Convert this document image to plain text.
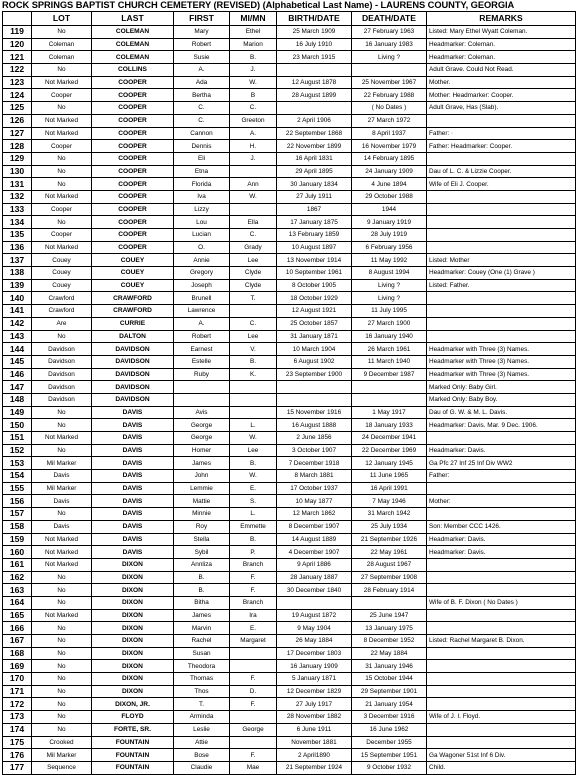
ROCK SPRINGS BAPTIST CHURCH CEMETERY (REVISED) (Alphabetical Last Name) - LAURENS COUNTY, GEORGIA
	LOT	LAST	FIRST	MI/MN	BIRTH/DATE	DEATH/DATE	REMARKS
119	No	COLEMAN	Mary	Ethel	25 March 1909	27 February 1963	Listed: Mary Ethel Wyatt Coleman.
120	Coleman	COLEMAN	Robert	Marion	16 July 1910	16 January 1983	Headmarker: Coleman.
121	Coleman	COLEMAN	Susie	B.	23 March 1915	Living ?	Headmarker: Coleman.
122	No	COLLINS	A.	J.			Adult Grave. Could Not Read.
123	Not Marked	COOPER	Ada	W.	12 August 1878	25 November 1967	Mother.
124	Cooper	COOPER	Bertha	B	28 August 1899	22 February 1988	Mother: Headmarker: Cooper.
125	No	COOPER	C.	C.		( No Dates )	Adult Grave, Has (Slab).
126	Not Marked	COOPER	C.	Greeton	2 April 1906	27 March 1972	
127	Not Marked	COOPER	Cannon	A.	22 September 1868	8 April 1937	Father: ·
128	Cooper	COOPER	Dennis	H.	22 November 1899	16 November 1979	Father: Headmarker: Cooper.
129	No	COOPER	Eli	J.	16 April 1831	14 February 1895	
130	No	COOPER	Etna		29 April 1895	24 January 1909	Dau of L. C. & Lizzie Cooper.
131	No	COOPER	Florida	Ann	30 January 1834	4 June 1894	Wife of Eli J. Cooper.
132	Not Marked	COOPER	Iva	W.	27 July 1911	29 October 1988	
133	Cooper	COOPER	Lizzy		1867	1944	
134	No	COOPER	Lou	Ella	17 January 1875	9 January 1919	
135	Cooper	COOPER	Lucian	C.	13 February 1859	28 July 1919	
136	Not Marked	COOPER	O.	Grady	10 August 1897	6 February 1956	
137	Couey	COUEY	Annie	Lee	13 November 1914	11 May 1992	Listed: Mother
138	Couey	COUEY	Gregory	Clyde	10 September 1961	8 August 1994	Headmarker: Couey (One (1) Grave )
139	Couey	COUEY	Joseph	Clyde	8 October 1905	Living ?	Listed: Father.
140	Crawford	CRAWFORD	Brunell	T.	18 October 1929	Living ?	
141	Crawford	CRAWFORD	Lawrence		12 August 1921	11 July 1995	
142	Are	CURRIE	A.	C.	25 October 1857	27 March 1900	
143	No	DALTON	Robert	Lee	31 January 1871	16 January 1940	
144	Davidson	DAVIDSON	Earnest	V.	10 March 1904	26 March 1961	Headmarker with Three (3) Names.
145	Davidson	DAVIDSON	Estelle	B.	6 August 1902	11 March 1940	Headmarker with Three (3) Names.
146	Davidson	DAVIDSON	Ruby	K.	23 September 1900	9 December 1987	Headmarker with Three (3) Names.
147	Davidson	DAVIDSON					Marked Only: Baby Girl.
148	Davidson	DAVIDSON					Marked Only: Baby Boy.
149	No	DAVIS	Avis		15 November 1916	1 May 1917	Dau of G. W. & M. L. Davis.
150	No	DAVIS	George	L.	16 August 1888	18 January 1933	Headmarker: Davis. Mar. 9 Dec. 1906.
151	Not Marked	DAVIS	George	W.	2 June 1856	24 December 1941	
152	No	DAVIS	Homer	Lee	3 October 1907	22 December 1969	Headmarker: Davis.
153	Mil Marker	DAVIS	James	B.	7 December 1918	12 January 1945	Ga Pfc 27 Inf 25 Inf Div WW2
154	Davis	DAVIS	John	W.	8 March 1881	11 June 1965	Father:
155	Mil Marker	DAVIS	Lemmie	E.	17 October 1937	16 April 1991	
156	Davis	DAVIS	Mattie	S.	10 May 1877	7 May 1946	Mother:
157	No	DAVIS	Minnie	L.	12 March 1862	31 March 1942	
158	Davis	DAVIS	Roy	Emmette	8 December 1907	25 July 1934	Son: Member CCC 1426.
159	Not Marked	DAVIS	Stella	B.	14 August 1889	21 September 1926	Headmarker: Davis.
160	Not Marked	DAVIS	Sybil	P.	4 December 1907	22 May 1961	Headmarker: Davis.
161	Not Marked	DIXON	Annliza	Branch	9 April 1886	28 August 1967	
162	No	DIXON	B.	F.	28 January 1887	27 September 1908	
163	No	DIXON	B.	F.	30 December 1840	28 February 1914	
164	No	DIXON	Bitha	Branch			Wife of B. F. Dixon ( No Dates )
165	Not Marked	DIXON	James	Ira	19 August 1872	25 June 1947	
166	No	DIXON	Marvin	E.	9 May 1904	13 January 1975	
167	No	DIXON	Rachel	Margaret	26 May 1884	8 December 1952	Listed: Rachel Margaret B. Dixon.
168	No	DIXON	Susan		17 December 1803	22 May 1884	
169	No	DIXON	Theodora		16 January 1909	31 January 1946	
170	No	DIXON	Thomas	F.	5 January 1871	15 October 1944	
171	No	DIXON	Thos	D.	12 December 1829	29 September 1901	
172	No	DIXON, JR.	T.	F.	27 July 1917	21 January 1954	
173	No	FLOYD	Arminda		28 November 1882	3 December 1916	Wife of J. I. Floyd.
174	No	FORTE, SR.	Leslie	George	6 June 1911	16 June 1962	
175	Crooked	FOUNTAIN	Attie		November 1881	December 1955	
176	Mil Marker	FOUNTAIN	Bose	F.	2 April1890	15 September 1951	Ga Wagoner 51st Inf 6 Div.
177	Sequence	FOUNTAIN	Claudie	Mae	21 September 1924	9 October 1932	Child.
